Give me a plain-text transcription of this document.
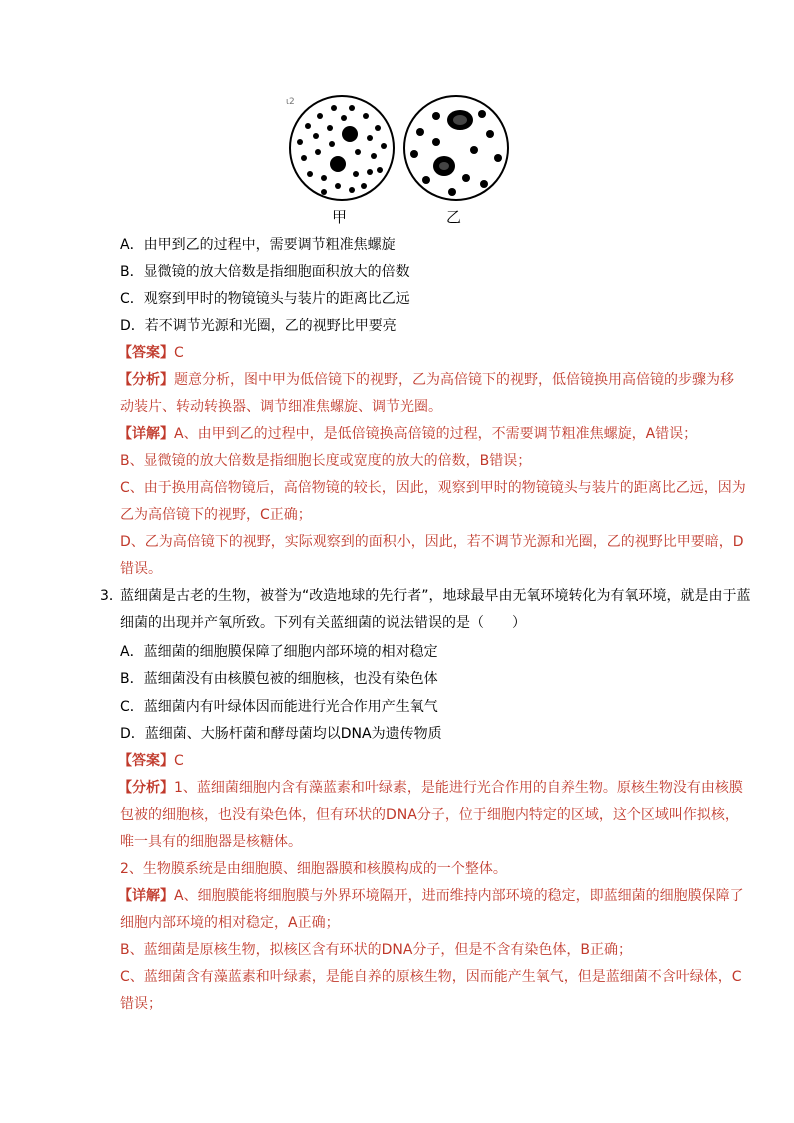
ι2
甲	乙
A．由甲到乙的过程中，需要调节粗准焦螺旋
B．显微镜的放大倍数是指细胞面积放大的倍数
C．观察到甲时的物镜镜头与装片的距离比乙远
D．若不调节光源和光圈，乙的视野比甲要亮
【答案】C
【分析】题意分析，图中甲为低倍镜下的视野，乙为高倍镜下的视野，低倍镜换用高倍镜的步骤为移
动装片、转动转换器、调节细准焦螺旋、调节光圈。
【详解】A、由甲到乙的过程中，是低倍镜换高倍镜的过程，不需要调节粗准焦螺旋，A错误；
B、显微镜的放大倍数是指细胞长度或宽度的放大的倍数，B错误；
C、由于换用高倍物镜后，高倍物镜的较长，因此，观察到甲时的物镜镜头与装片的距离比乙远，因为
乙为高倍镜下的视野，C正确；
D、乙为高倍镜下的视野，实际观察到的面积小，因此，若不调节光源和光圈，乙的视野比甲要暗，D
错误。
3．
蓝细菌是古老的生物，被誉为“改造地球的先行者”，地球最早由无氧环境转化为有氧环境，就是由于蓝
细菌的出现并产氧所致。下列有关蓝细菌的说法错误的是（　　）
A．蓝细菌的细胞膜保障了细胞内部环境的相对稳定
B．蓝细菌没有由核膜包被的细胞核，也没有染色体
C．蓝细菌内有叶绿体因而能进行光合作用产生氧气
D．蓝细菌、大肠杆菌和酵母菌均以DNA为遗传物质
【答案】C
【分析】1、蓝细菌细胞内含有藻蓝素和叶绿素，是能进行光合作用的自养生物。原核生物没有由核膜
包被的细胞核，也没有染色体，但有环状的DNA分子，位于细胞内特定的区域，这个区域叫作拟核，
唯一具有的细胞器是核糖体。
2、生物膜系统是由细胞膜、细胞器膜和核膜构成的一个整体。
【详解】A、细胞膜能将细胞膜与外界环境隔开，进而维持内部环境的稳定，即蓝细菌的细胞膜保障了
细胞内部环境的相对稳定，A正确；
B、蓝细菌是原核生物，拟核区含有环状的DNA分子，但是不含有染色体，B正确；
C、蓝细菌含有藻蓝素和叶绿素，是能自养的原核生物，因而能产生氧气，但是蓝细菌不含叶绿体，C
错误；
